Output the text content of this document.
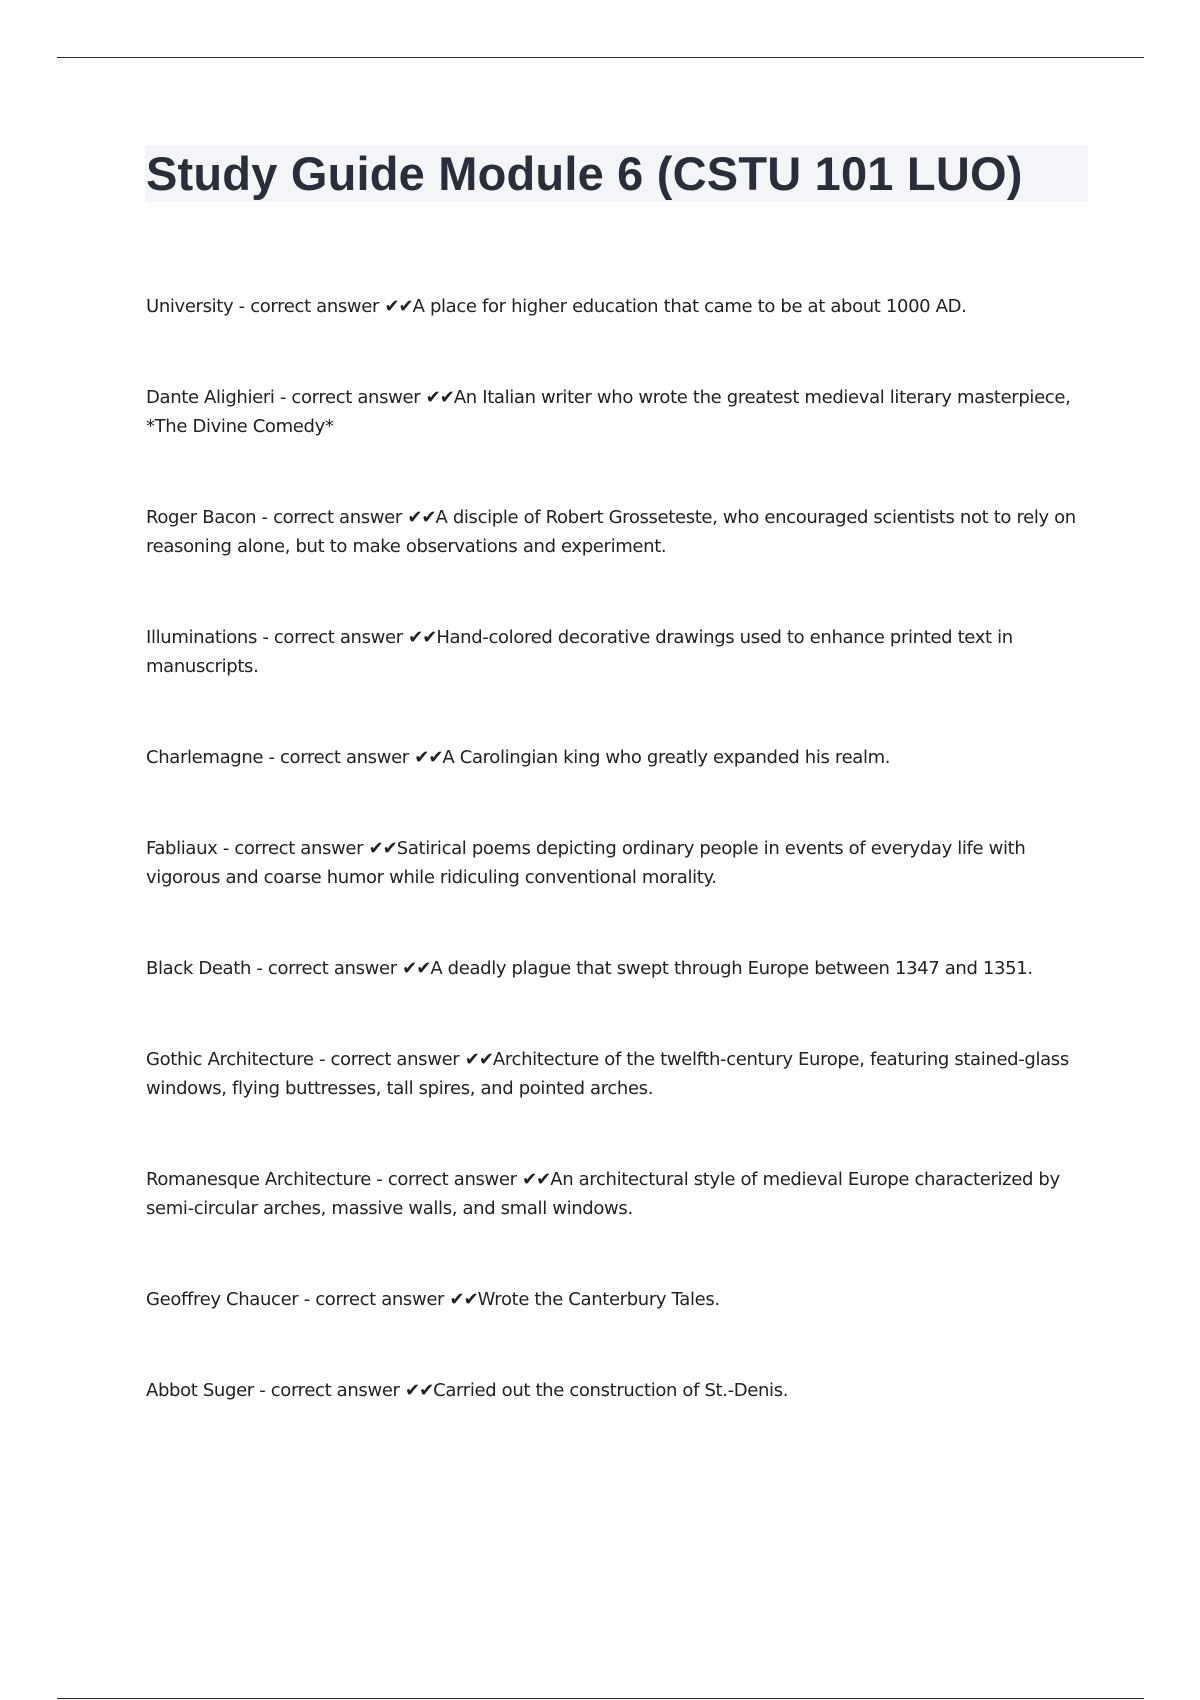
Study Guide Module 6 (CSTU 101 LUO)
University - correct answer ✔✔A place for higher education that came to be at about 1000 AD.
Dante Alighieri - correct answer ✔✔An Italian writer who wrote the greatest medieval literary masterpiece, *The Divine Comedy*
Roger Bacon - correct answer ✔✔A disciple of Robert Grosseteste, who encouraged scientists not to rely on reasoning alone, but to make observations and experiment.
Illuminations - correct answer ✔✔Hand-colored decorative drawings used to enhance printed text in manuscripts.
Charlemagne - correct answer ✔✔A Carolingian king who greatly expanded his realm.
Fabliaux - correct answer ✔✔Satirical poems depicting ordinary people in events of everyday life with vigorous and coarse humor while ridiculing conventional morality.
Black Death - correct answer ✔✔A deadly plague that swept through Europe between 1347 and 1351.
Gothic Architecture - correct answer ✔✔Architecture of the twelfth-century Europe, featuring stained-glass windows, flying buttresses, tall spires, and pointed arches.
Romanesque Architecture - correct answer ✔✔An architectural style of medieval Europe characterized by semi-circular arches, massive walls, and small windows.
Geoffrey Chaucer - correct answer ✔✔Wrote the Canterbury Tales.
Abbot Suger - correct answer ✔✔Carried out the construction of St.-Denis.
